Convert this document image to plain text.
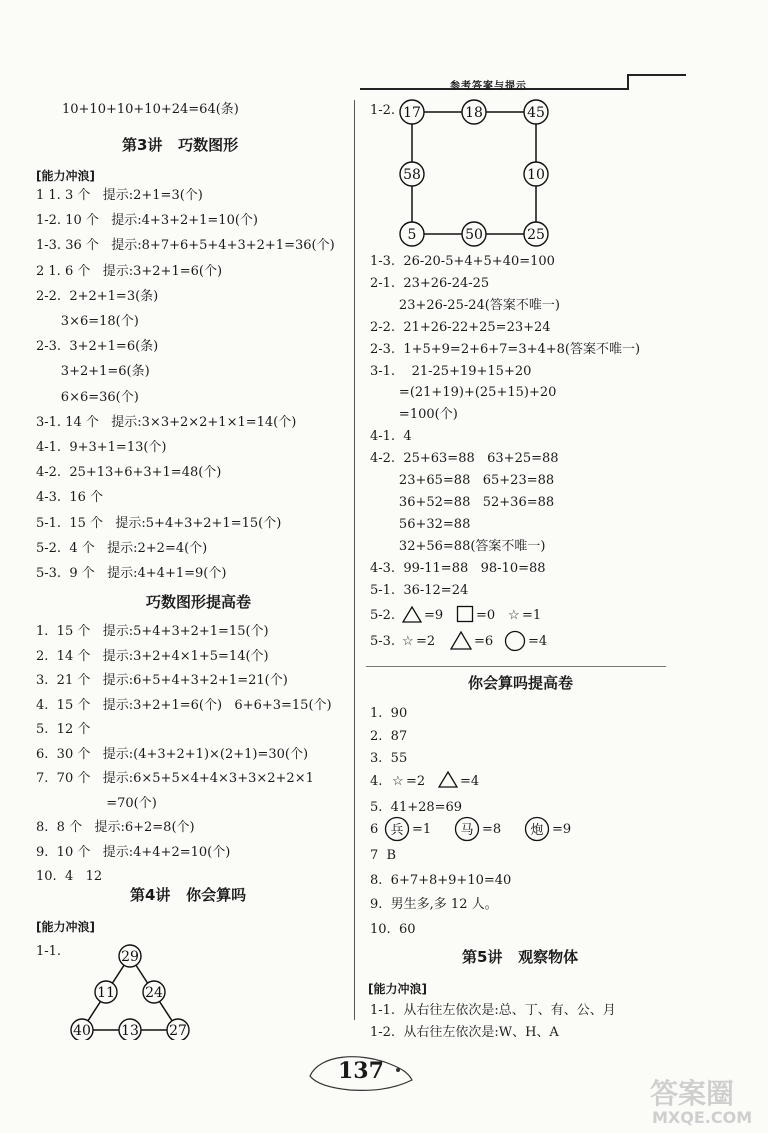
参考答案与提示
10+10+10+10+24=64(条)
第3讲   巧数图形
[能力冲浪]
1 1. 3 个   提示:2+1=3(个)
1-2. 10 个   提示:4+3+2+1=10(个)
1-3. 36 个   提示:8+7+6+5+4+3+2+1=36(个)
2 1. 6 个   提示:3+2+1=6(个)
2-2.  2+2+1=3(条)
3×6=18(个)
2-3.  3+2+1=6(条)
3+2+1=6(条)
6×6=36(个)
3-1. 14 个   提示:3×3+2×2+1×1=14(个)
4-1.  9+3+1=13(个)
4-2.  25+13+6+3+1=48(个)
4-3.  16 个
5-1.  15 个   提示:5+4+3+2+1=15(个)
5-2.  4 个   提示:2+2=4(个)
5-3.  9 个   提示:4+4+1=9(个)
巧数图形提高卷
1.  15 个   提示:5+4+3+2+1=15(个)
2.  14 个   提示:3+2+4×1+5=14(个)
3.  21 个   提示:6+5+4+3+2+1=21(个)
4.  15 个   提示:3+2+1=6(个)   6+6+3=15(个)
5.  12 个
6.  30 个   提示:(4+3+2+1)×(2+1)=30(个)
7.  70 个   提示:6×5+5×4+4×3+3×2+2×1
=70(个)
8.  8 个   提示:6+2=8(个)
9.  10 个   提示:4+4+2=10(个)
10.  4   12
第4讲   你会算吗
[能力冲浪]
1-1.	29
11 24
40 13 27
1-2. 17	18	45
58	10
5	50	25
1-3.  26-20-5+4+5+40=100
2-1.  23+26-24-25
23+26-25-24(答案不唯一)
2-2.  21+26-22+25=23+24
2-3.  1+5+9=2+6+7=3+4+8(答案不唯一)
3-1.    21-25+19+15+20
=(21+19)+(25+15)+20
=100(个)
4-1.  4
4-2.  25+63=88   63+25=88
23+65=88   65+23=88
36+52=88   52+36=88
56+32=88
32+56=88(答案不唯一)
4-3.  99-11=88   98-10=88
5-1.  36-12=24
5-2. =9	=0 ☆ =1
5-3. ☆ =2	=6	=4
你会算吗提高卷
1.  90
2.  87
3.  55
4. ☆ =2	=4
5.  41+28=69
6 兵 =1 马 =8 炮 =9
7  B
8.  6+7+8+9+10=40
9.  男生多,多 12 人。
10.  60
第5讲   观察物体
[能力冲浪]
1-1.  从右往左依次是:总、丁、有、公、月
1-2.  从右往左依次是:W、H、A
137
答案圈
MXQE.COM
